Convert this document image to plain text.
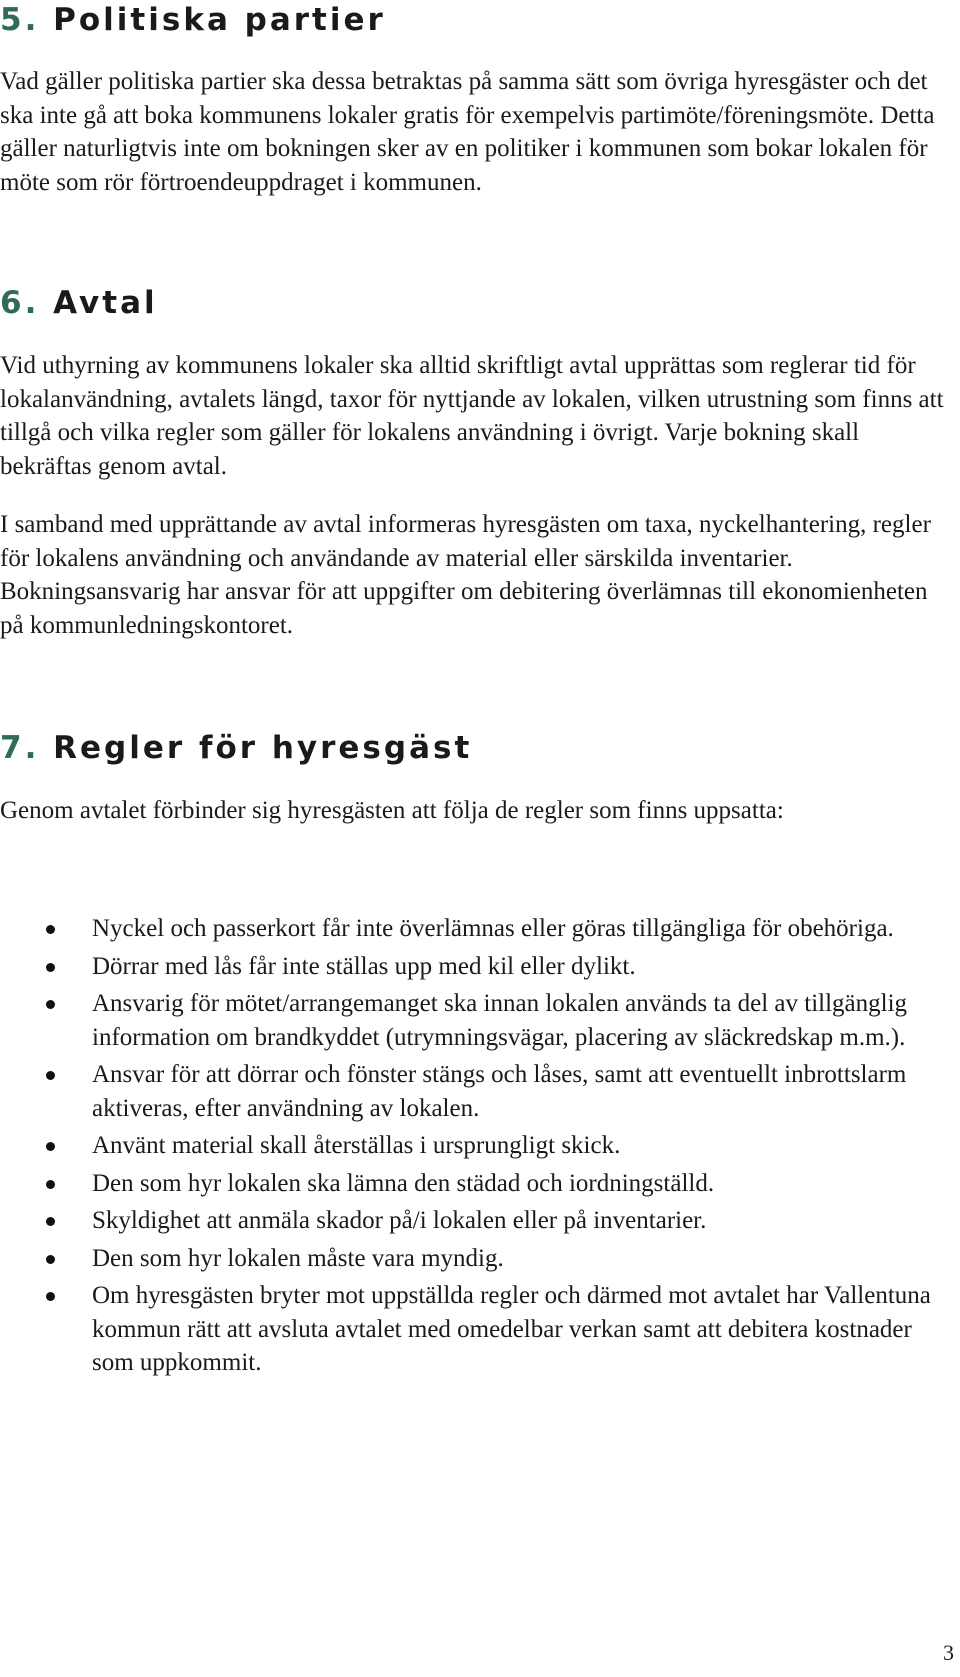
5. Politiska partier

Vad gäller politiska partier ska dessa betraktas på samma sätt som övriga hyresgäster och det ska inte gå att boka kommunens lokaler gratis för exempelvis partimöte/föreningsmöte. Detta gäller naturligtvis inte om bokningen sker av en politiker i kommunen som bokar lokalen för möte som rör förtroendeuppdraget i kommunen.

6. Avtal

Vid uthyrning av kommunens lokaler ska alltid skriftligt avtal upprättas som reglerar tid för lokalanvändning, avtalets längd, taxor för nyttjande av lokalen, vilken utrustning som finns att tillgå och vilka regler som gäller för lokalens användning i övrigt. Varje bokning skall bekräftas genom avtal.

I samband med upprättande av avtal informeras hyresgästen om taxa, nyckelhantering, regler för lokalens användning och användande av material eller särskilda inventarier. Bokningsansvarig har ansvar för att uppgifter om debitering överlämnas till ekonomienheten på kommunledningskontoret.

7. Regler för hyresgäst

Genom avtalet förbinder sig hyresgästen att följa de regler som finns uppsatta:

Nyckel och passerkort får inte överlämnas eller göras tillgängliga för obehöriga.
Dörrar med lås får inte ställas upp med kil eller dylikt.
Ansvarig för mötet/arrangemanget ska innan lokalen används ta del av tillgänglig information om brandkyddet (utrymningsvägar, placering av släckredskap m.m.).
Ansvar för att dörrar och fönster stängs och låses, samt att eventuellt inbrottslarm aktiveras, efter användning av lokalen.
Använt material skall återställas i ursprungligt skick.
Den som hyr lokalen ska lämna den städad och iordningställd.
Skyldighet att anmäla skador på/i lokalen eller på inventarier.
Den som hyr lokalen måste vara myndig.
Om hyresgästen bryter mot uppställda regler och därmed mot avtalet har Vallentuna kommun rätt att avsluta avtalet med omedelbar verkan samt att debitera kostnader som uppkommit.
3
